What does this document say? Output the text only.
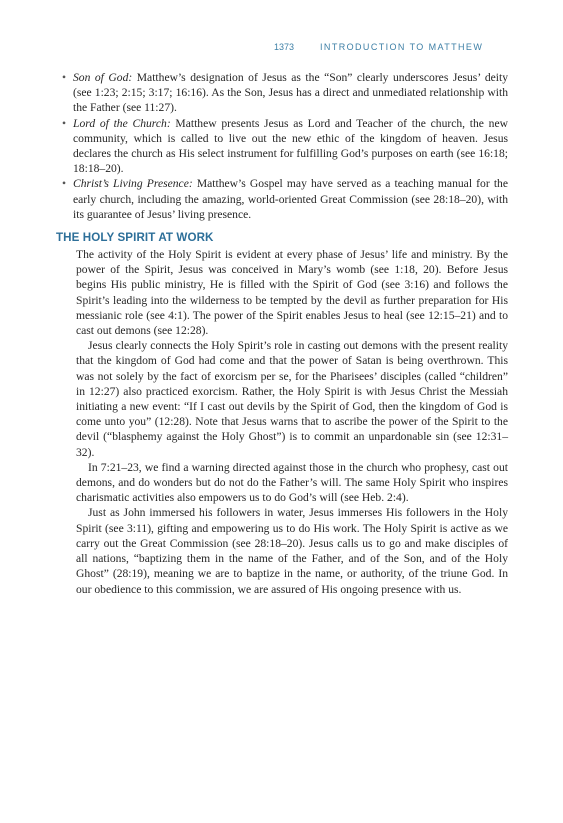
1373	INTRODUCTION TO MATTHEW
• Son of God: Matthew’s designation of Jesus as the “Son” clearly underscores Jesus’ deity (see 1:23; 2:15; 3:17; 16:16). As the Son, Jesus has a direct and unmediated relationship with the Father (see 11:27).
• Lord of the Church: Matthew presents Jesus as Lord and Teacher of the church, the new community, which is called to live out the new ethic of the kingdom of heaven. Jesus declares the church as His select instrument for fulfilling God’s purposes on earth (see 16:18; 18:18–20).
• Christ’s Living Presence: Matthew’s Gospel may have served as a teaching manual for the early church, including the amazing, world-oriented Great Commission (see 28:18–20), with its guarantee of Jesus’ living presence.
THE HOLY SPIRIT AT WORK

The activity of the Holy Spirit is evident at every phase of Jesus’ life and ministry. By the power of the Spirit, Jesus was conceived in Mary’s womb (see 1:18, 20). Before Jesus begins His public ministry, He is filled with the Spirit of God (see 3:16) and follows the Spirit’s leading into the wilderness to be tempted by the devil as further preparation for His messianic role (see 4:1). The power of the Spirit enables Jesus to heal (see 12:15–21) and to cast out demons (see 12:28).

Jesus clearly connects the Holy Spirit’s role in casting out demons with the present reality that the kingdom of God had come and that the power of Satan is being overthrown. This was not solely by the fact of exorcism per se, for the Pharisees’ disciples (called “children” in 12:27) also practiced exorcism. Rather, the Holy Spirit is with Jesus Christ the Messiah initiating a new event: “If I cast out devils by the Spirit of God, then the kingdom of God is come unto you” (12:28). Note that Jesus warns that to ascribe the power of the Spirit to the devil (“blasphemy against the Holy Ghost”) is to commit an unpardonable sin (see 12:31–32).

In 7:21–23, we find a warning directed against those in the church who prophesy, cast out demons, and do wonders but do not do the Father’s will. The same Holy Spirit who inspires charismatic activities also empowers us to do God’s will (see Heb. 2:4).

Just as John immersed his followers in water, Jesus immerses His followers in the Holy Spirit (see 3:11), gifting and empowering us to do His work. The Holy Spirit is active as we carry out the Great Commission (see 28:18–20). Jesus calls us to go and make disciples of all nations, “baptizing them in the name of the Father, and of the Son, and of the Holy Ghost” (28:19), meaning we are to baptize in the name, or authority, of the triune God. In our obedience to this commission, we are assured of His ongoing presence with us.
